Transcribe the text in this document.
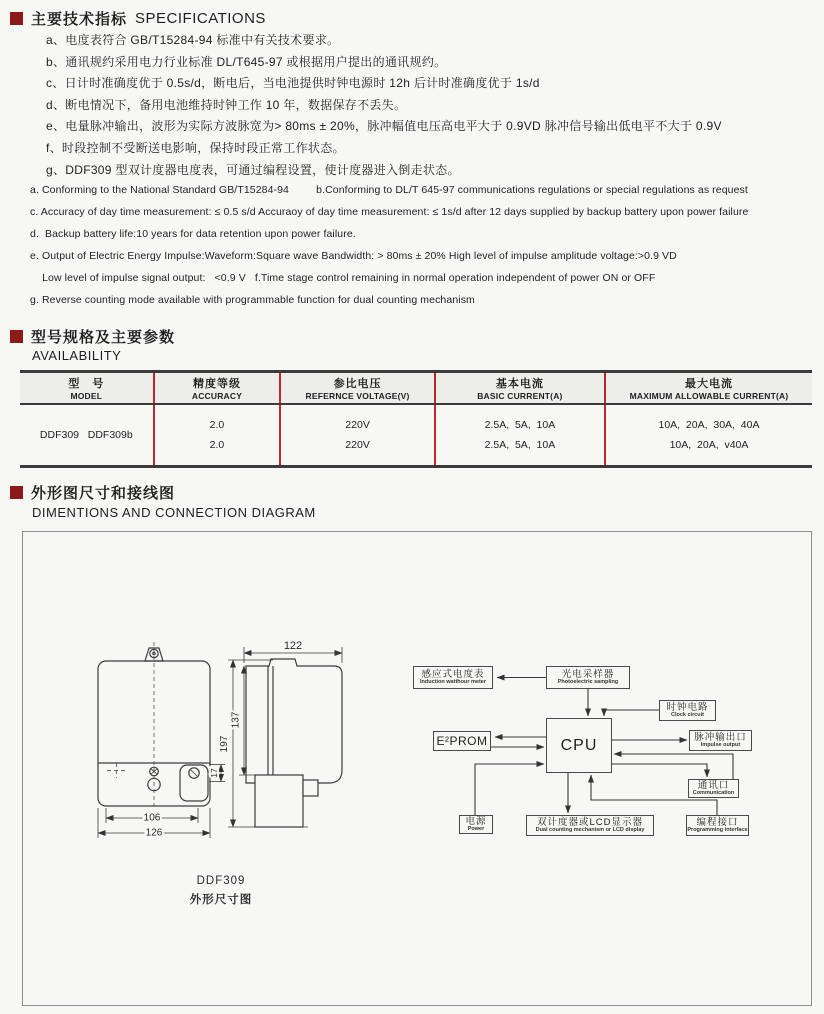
主要技术指标 SPECIFICATIONS
a、电度表符合 GB/T15284-94 标准中有关技术要求。
b、通讯规约采用电力行业标准 DL/T645-97 或根据用户提出的通讯规约。
c、日计时准确度优于 0.5s/d，断电后，当电池提供时钟电源时 12h 后计时准确度优于 1s/d
d、断电情况下，备用电池维持时钟工作 10 年，数据保存不丢失。
e、电量脉冲输出，波形为实际方波脉宽为> 80ms ± 20%，脉冲幅值电压高电平大于 0.9VD 脉冲信号输出低电平不大于 0.9V
f、时段控制不受断送电影响，保持时段正常工作状态。
g、DDF309 型双计度器电度表，可通过编程设置，使计度器进入倒走状态。
a. Conforming to the National Standard GB/T15284-94         b.Conforming to DL/T 645-97 communications regulations or special regulations as request
c. Accuracy of day time measurement: ≤ 0.5 s/d Accuraoy of day time measurement: ≤ 1s/d after 12 days supplied by backup battery upon power failure
d.  Backup battery life:10 years for data retention upon power failure.
e. Output of Electric Energy Impulse:Waveform:Square wave Bandwidth: > 80ms ± 20% High level of impulse amplitude voltage:>0.9 VD
Low level of impulse signal output:   <0.9 V   f.Time stage control remaining in normal operation independent of power ON or OFF
g. Reverse counting mode available with programmable function for dual counting mechanism
型号规格及主要参数
AVAILABILITY
型　号
MODEL
精度等级
ACCURACY
参比电压
REFERNCE VOLTAGE(V)
基本电流
BASIC CURRENT(A)
最大电流
MAXIMUM ALLOWABLE CURRENT(A)
DDF309   DDF309b
2.0
2.0
220V
220V
2.5A,  5A,  10A
2.5A,  5A,  10A
10A,  20A,  30A,  40A
10A,  20A,  v40A
外形图尺寸和接线图
DIMENTIONS AND CONNECTION DIAGRAM
17
106
126
122
197
137
DDF309
外形尺寸图
感应式电度表
Induction watthour meter
光电采样器
Photoelectric sampling
时钟电路
Clock circuit
E²PROM	CPU	脉冲输出口
Impulse output
通讯口
Communication
电源
Power
双计度器或LCD显示器
Dual counting mechanism or LCD display
编程接口
Programming interface
